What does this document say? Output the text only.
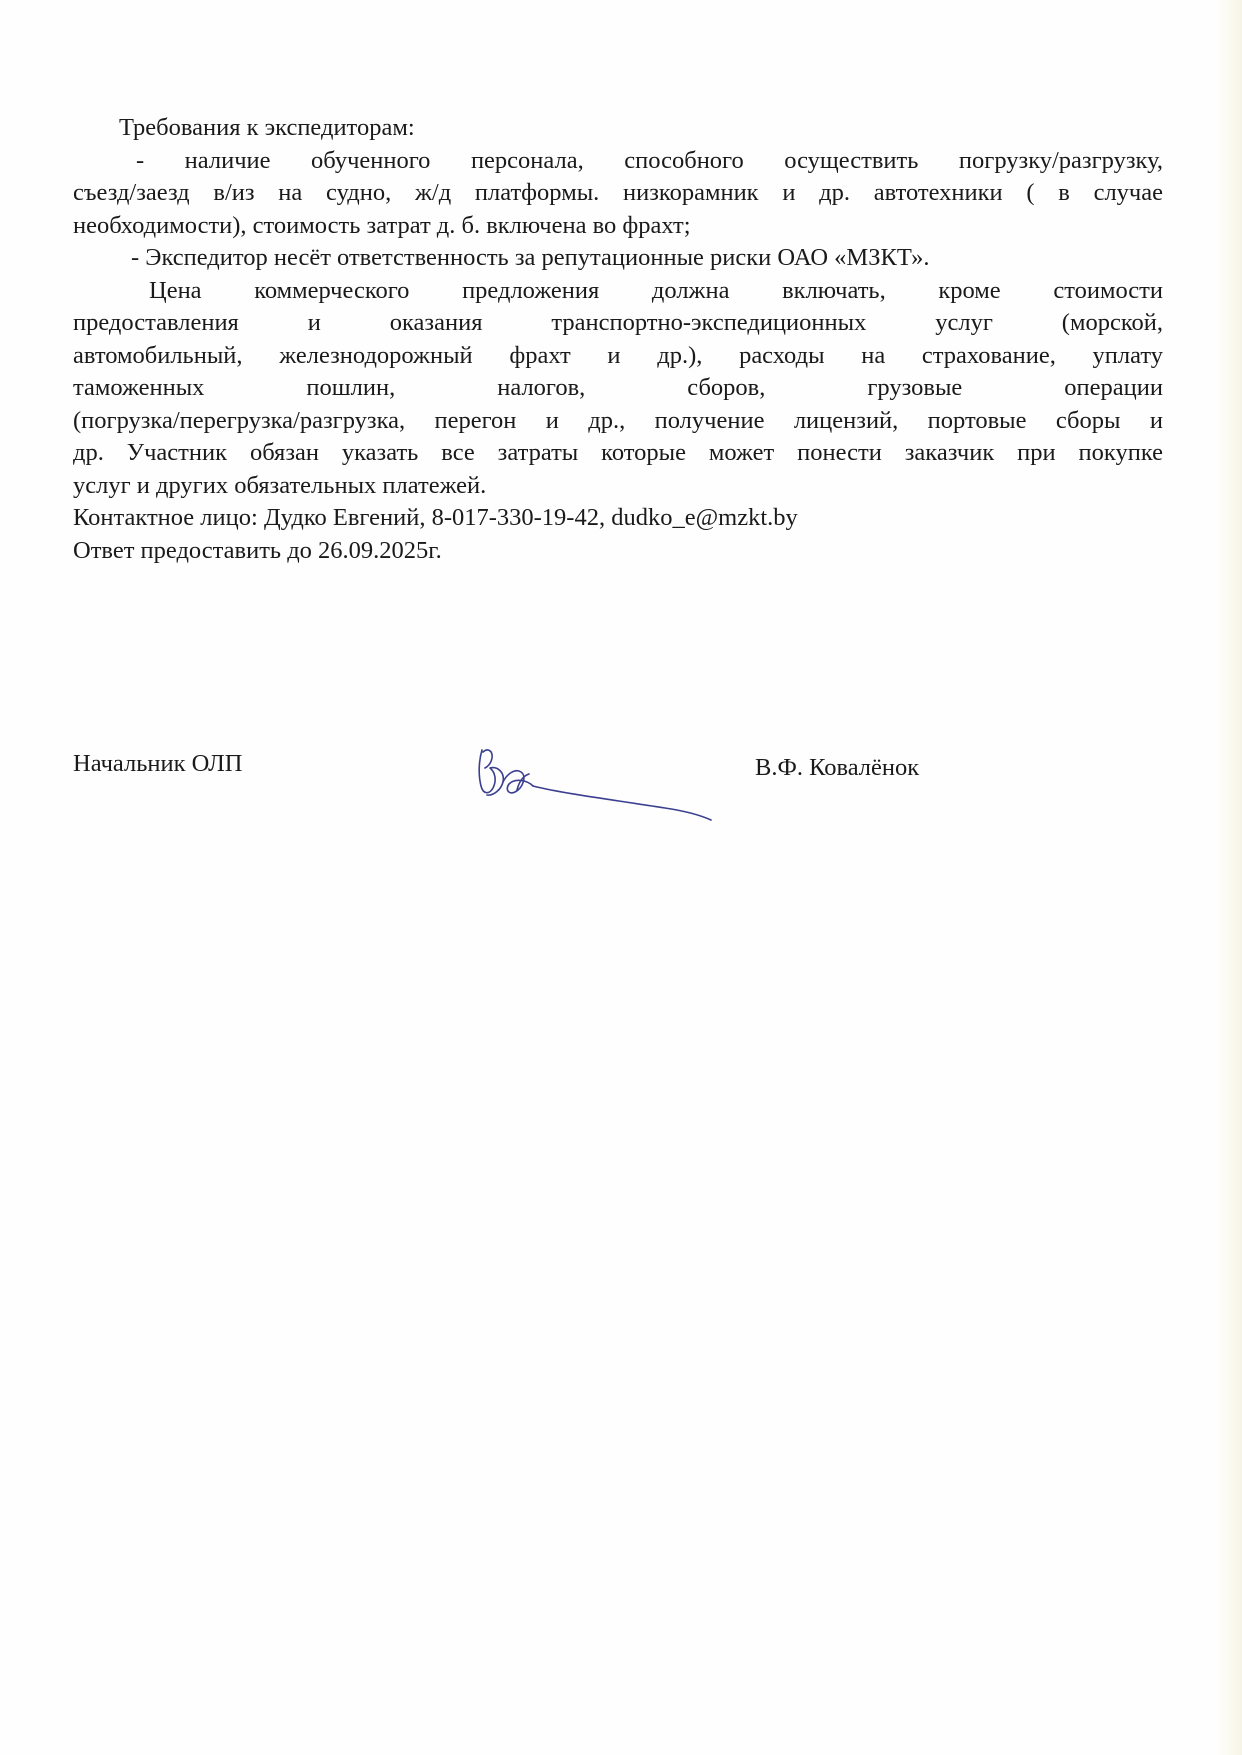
Требования к экспедиторам:
- наличие обученного персонала, способного осуществить погрузку/разгрузку,
съезд/заезд в/из на судно, ж/д платформы. низкорамник и др. автотехники ( в случае
необходимости), стоимость затрат д. б. включена во фрахт;
- Экспедитор несёт ответственность за репутационные риски ОАО «МЗКТ».
Цена коммерческого предложения должна включать, кроме стоимости
предоставления и оказания транспортно-экспедиционных услуг (морской,
автомобильный, железнодорожный фрахт и др.), расходы на страхование, уплату
таможенных пошлин, налогов, сборов, грузовые операции
(погрузка/перегрузка/разгрузка, перегон и др., получение лицензий, портовые сборы и
др. Участник обязан указать все затраты которые может понести заказчик при покупке
услуг и других обязательных платежей.
Контактное лицо: Дудко Евгений, 8-017-330-19-42, dudko_e@mzkt.by
Ответ предоставить до 26.09.2025г.
Начальник ОЛП	В.Ф. Ковалёнок
